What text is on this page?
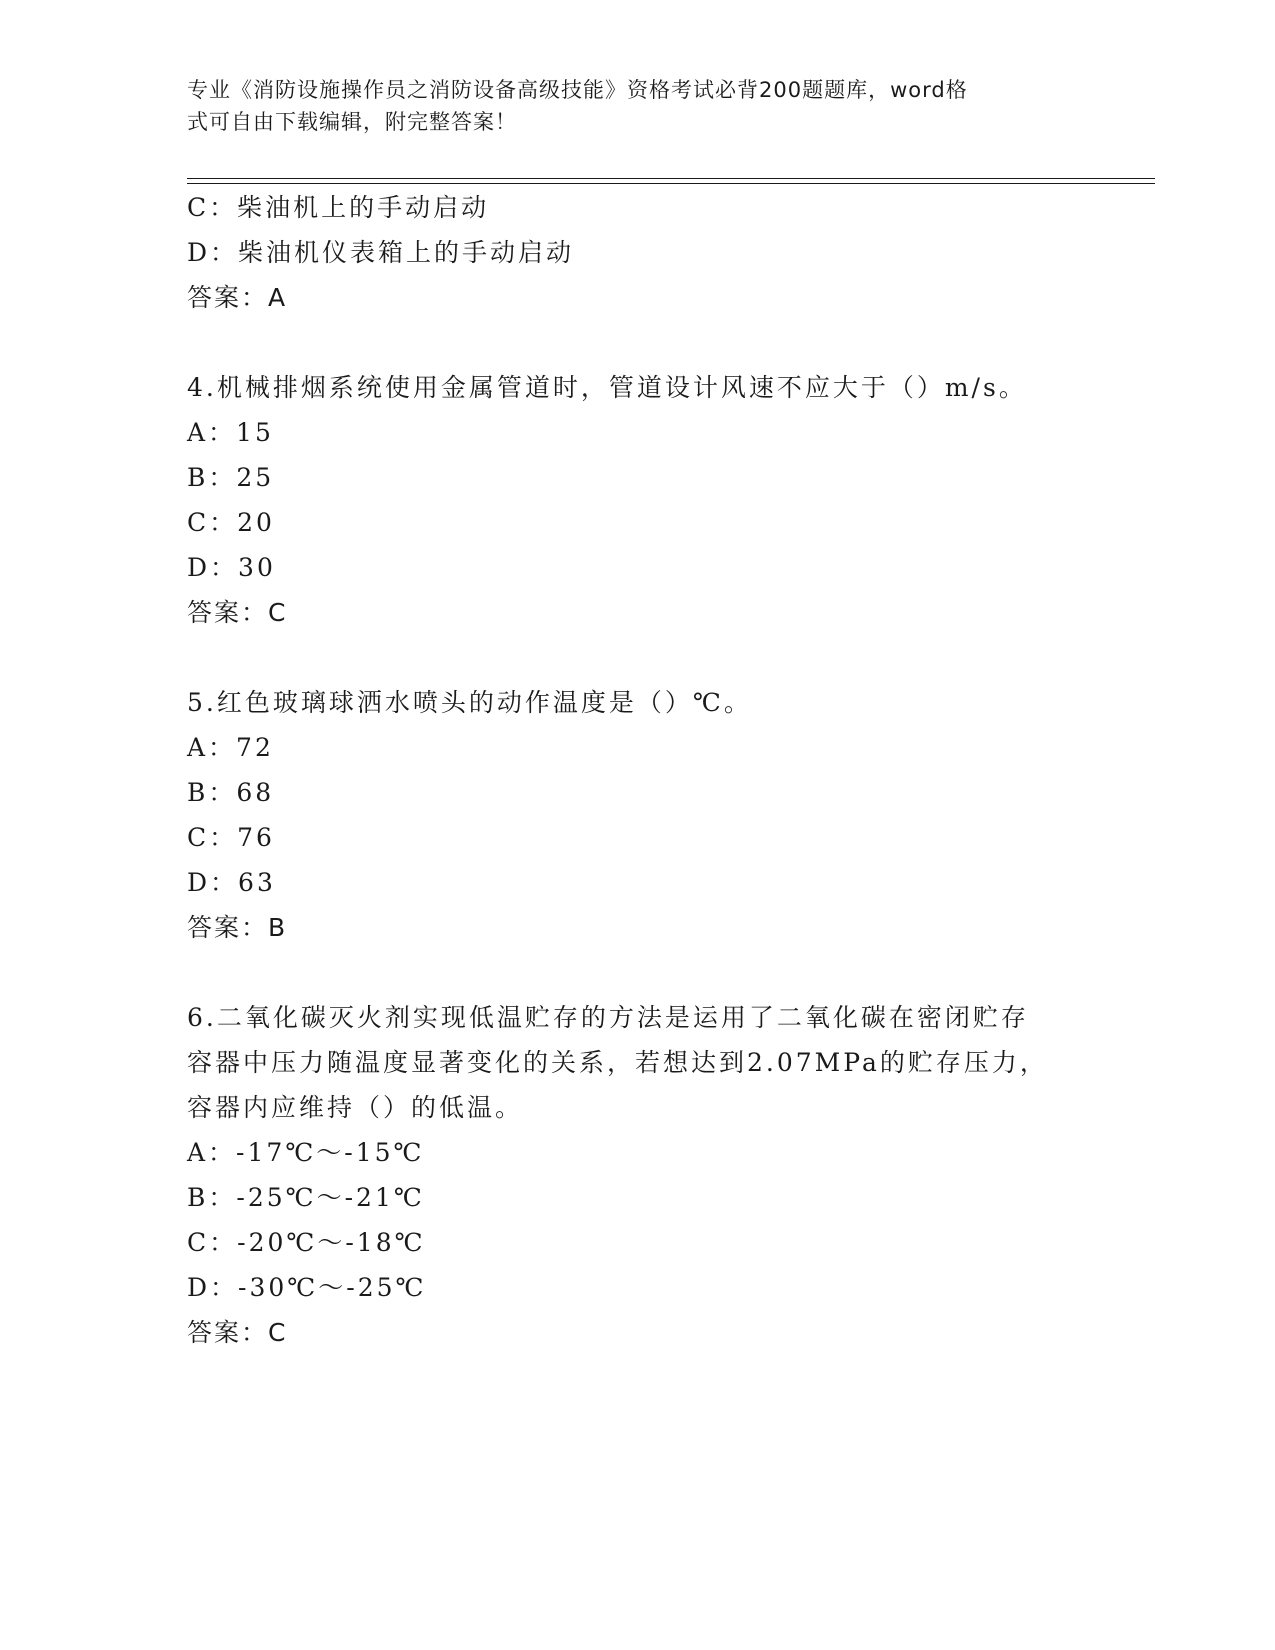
专业《消防设施操作员之消防设备高级技能》资格考试必背200题题库，word格
式可自由下载编辑，附完整答案！
C：柴油机上的手动启动
D：柴油机仪表箱上的手动启动
答案：A
4.机械排烟系统使用金属管道时，管道设计风速不应大于（）m/s。
A：15
B：25
C：20
D：30
答案：C
5.红色玻璃球洒水喷头的动作温度是（）℃。
A：72
B：68
C：76
D：63
答案：B
6.二氧化碳灭火剂实现低温贮存的方法是运用了二氧化碳在密闭贮存
容器中压力随温度显著变化的关系，若想达到2.07MPa的贮存压力，
容器内应维持（）的低温。
A：-17℃～-15℃
B：-25℃～-21℃
C：-20℃～-18℃
D：-30℃～-25℃
答案：C
